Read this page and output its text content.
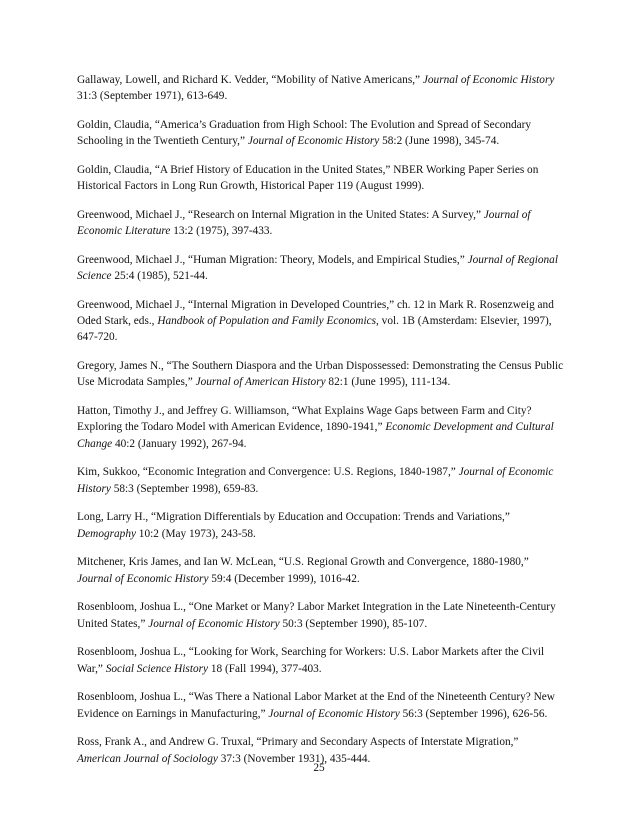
Gallaway, Lowell, and Richard K. Vedder, “Mobility of Native Americans,” Journal of Economic History 31:3 (September 1971), 613-649.

Goldin, Claudia, “America’s Graduation from High School: The Evolution and Spread of Secondary Schooling in the Twentieth Century,” Journal of Economic History 58:2 (June 1998), 345-74.

Goldin, Claudia, “A Brief History of Education in the United States,” NBER Working Paper Series on Historical Factors in Long Run Growth, Historical Paper 119 (August 1999).

Greenwood, Michael J., “Research on Internal Migration in the United States: A Survey,” Journal of Economic Literature 13:2 (1975), 397-433.

Greenwood, Michael J., “Human Migration: Theory, Models, and Empirical Studies,” Journal of Regional Science 25:4 (1985), 521-44.

Greenwood, Michael J., “Internal Migration in Developed Countries,” ch. 12 in Mark R. Rosenzweig and Oded Stark, eds., Handbook of Population and Family Economics, vol. 1B (Amsterdam: Elsevier, 1997), 647-720.

Gregory, James N., “The Southern Diaspora and the Urban Dispossessed: Demonstrating the Census Public Use Microdata Samples,” Journal of American History 82:1 (June 1995), 111-134.

Hatton, Timothy J., and Jeffrey G. Williamson, “What Explains Wage Gaps between Farm and City? Exploring the Todaro Model with American Evidence, 1890-1941,” Economic Development and Cultural Change 40:2 (January 1992), 267-94.

Kim, Sukkoo, “Economic Integration and Convergence: U.S. Regions, 1840-1987,” Journal of Economic History 58:3 (September 1998), 659-83.

Long, Larry H., “Migration Differentials by Education and Occupation: Trends and Variations,” Demography 10:2 (May 1973), 243-58.

Mitchener, Kris James, and Ian W. McLean, “U.S. Regional Growth and Convergence, 1880-1980,” Journal of Economic History 59:4 (December 1999), 1016-42.

Rosenbloom, Joshua L., “One Market or Many? Labor Market Integration in the Late Nineteenth-Century United States,” Journal of Economic History 50:3 (September 1990), 85-107.

Rosenbloom, Joshua L., “Looking for Work, Searching for Workers: U.S. Labor Markets after the Civil War,” Social Science History 18 (Fall 1994), 377-403.

Rosenbloom, Joshua L., “Was There a National Labor Market at the End of the Nineteenth Century? New Evidence on Earnings in Manufacturing,” Journal of Economic History 56:3 (September 1996), 626-56.

Ross, Frank A., and Andrew G. Truxal, “Primary and Secondary Aspects of Interstate Migration,” American Journal of Sociology 37:3 (November 1931), 435-444.

25
